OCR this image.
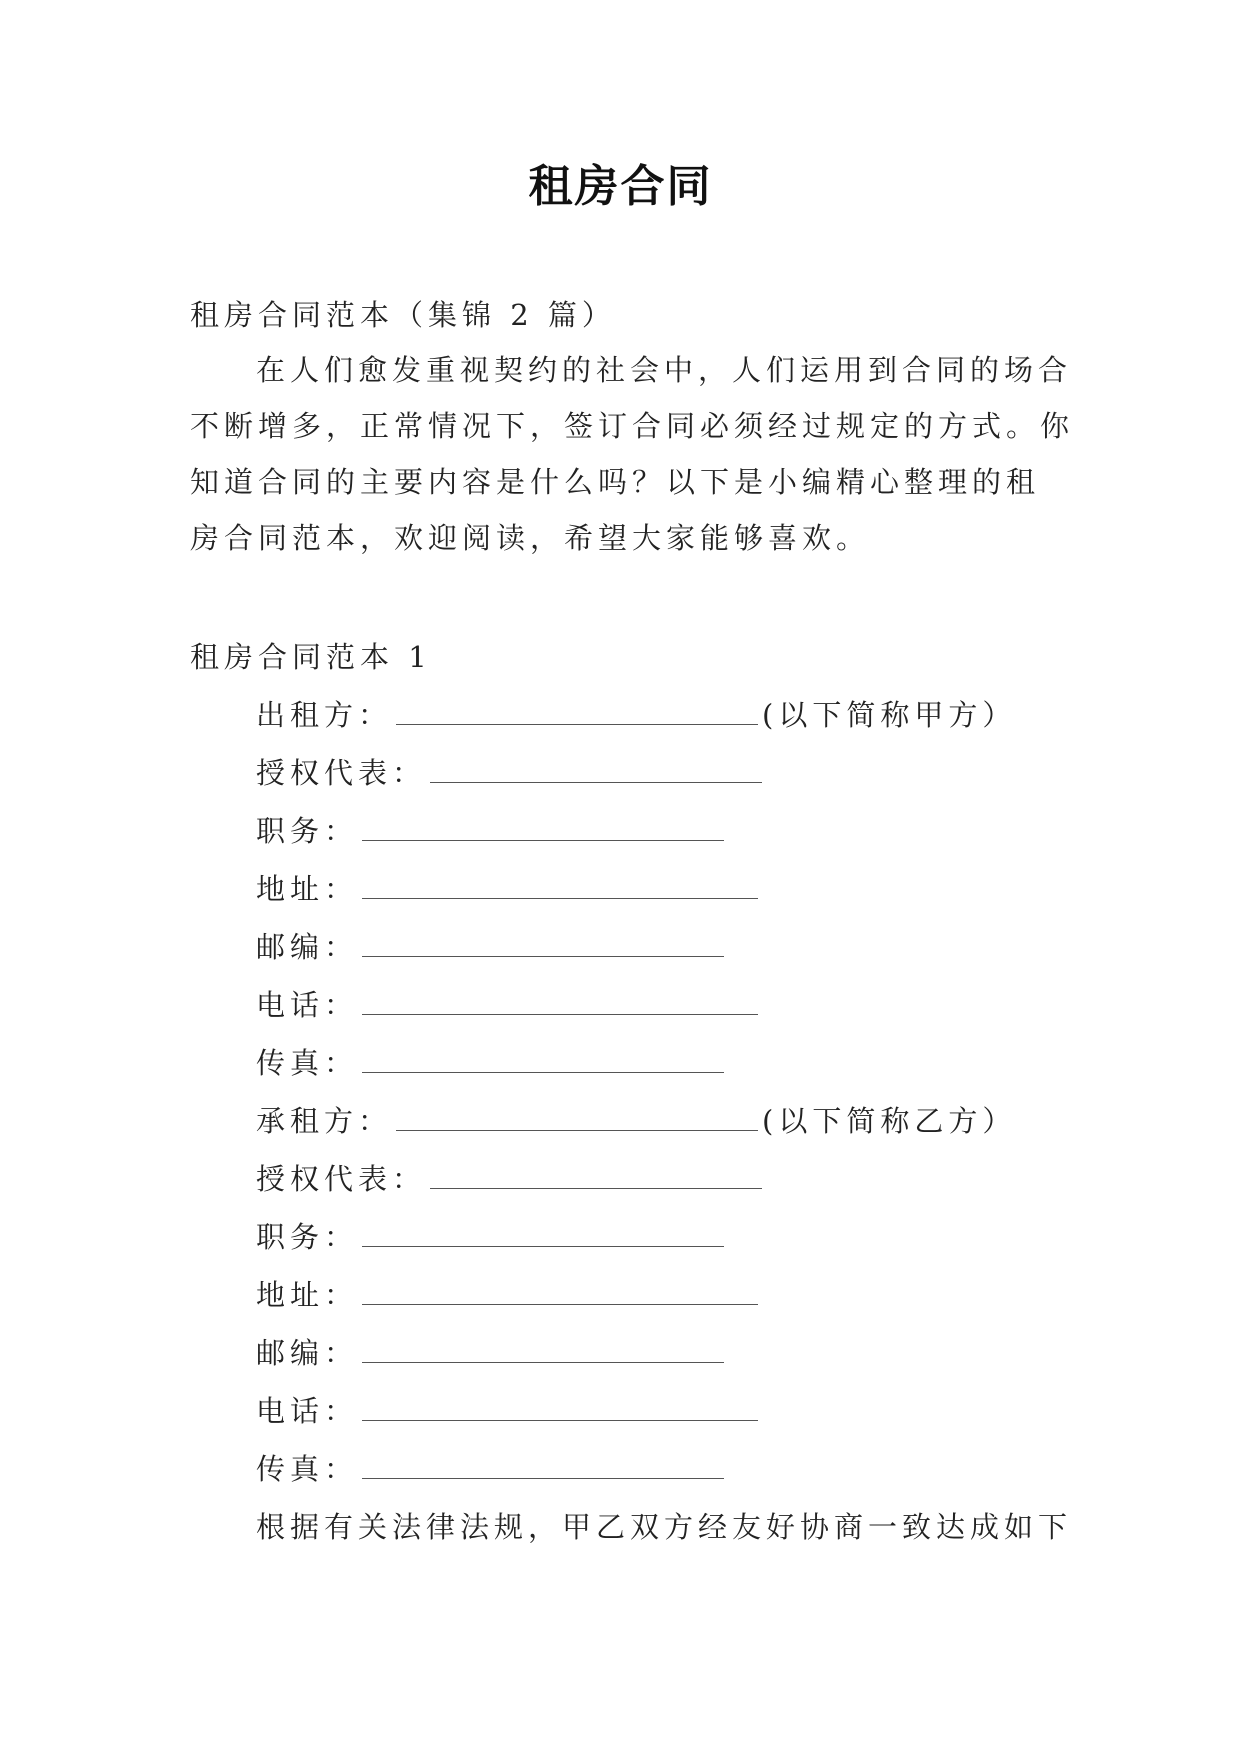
租房合同
租房合同范本（集锦 2 篇）
在人们愈发重视契约的社会中，人们运用到合同的场合
不断增多，正常情况下，签订合同必须经过规定的方式。你
知道合同的主要内容是什么吗？以下是小编精心整理的租
房合同范本，欢迎阅读，希望大家能够喜欢。
租房合同范本 1
出租方：	(以下简称甲方）
授权代表：
职务：
地址：
邮编：
电话：
传真：
承租方：	(以下简称乙方）
授权代表：
职务：
地址：
邮编：
电话：
传真：
根据有关法律法规，甲乙双方经友好协商一致达成如下
